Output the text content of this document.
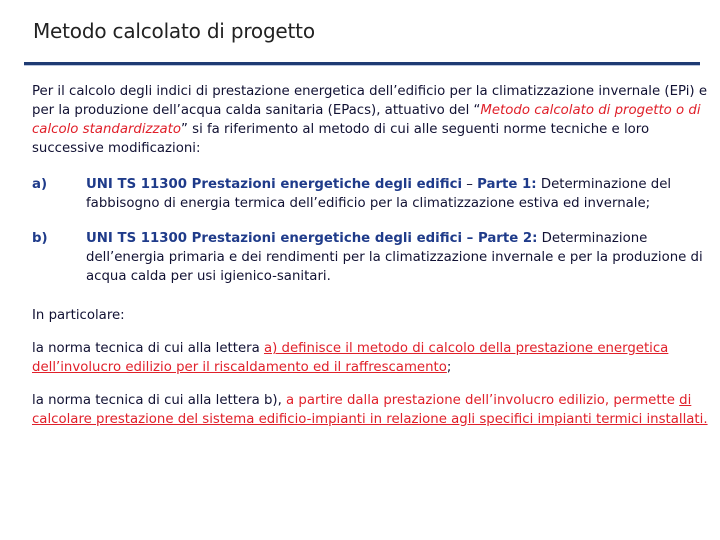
Metodo calcolato di progetto

Per il calcolo degli indici di prestazione energetica dell’edificio per la climatizzazione invernale (EPi) e per la produzione dell’acqua calda sanitaria (EPacs), attuativo del “Metodo calcolato di progetto o di calcolo standardizzato” si fa riferimento al metodo di cui alle seguenti norme tecniche e loro successive modificazioni:

a)	UNI TS 11300 Prestazioni energetiche degli edifici – Parte 1: Determinazione del fabbisogno di energia termica dell’edificio per la climatizzazione estiva ed invernale;
b)	UNI TS 11300 Prestazioni energetiche degli edifici – Parte 2: Determinazione dell’energia primaria e dei rendimenti per la climatizzazione invernale e per la produzione di acqua calda per usi igienico-sanitari.

In particolare:

la norma tecnica di cui alla lettera a) definisce il metodo di calcolo della prestazione energetica dell’involucro edilizio per il riscaldamento ed il raffrescamento;

la norma tecnica di cui alla lettera b), a partire dalla prestazione dell’involucro edilizio, permette di calcolare prestazione del sistema edificio-impianti in relazione agli specifici impianti termici installati.
